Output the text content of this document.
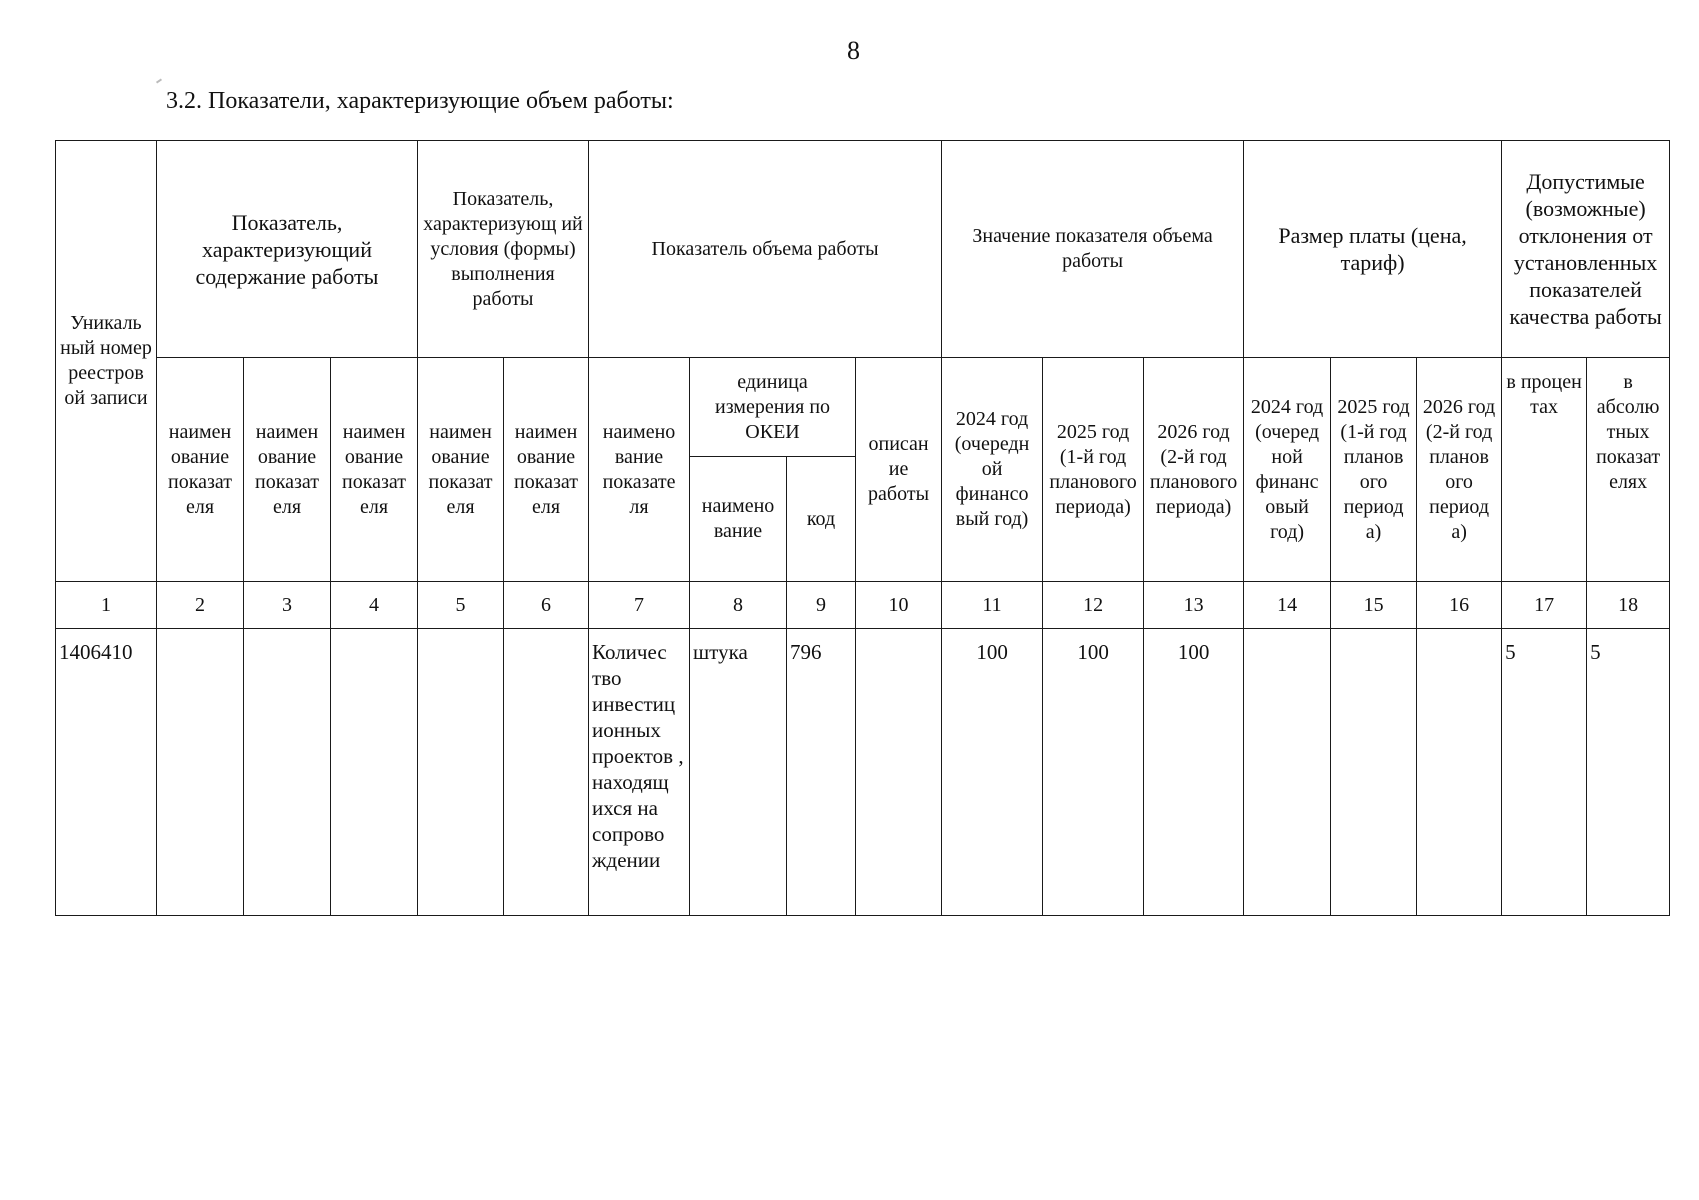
8
3.2. Показатели, характеризующие объем работы:
Уникаль ный номер реестров ой записи	Показатель, характеризующий содержание работы			Показатель, характеризующ ий условия (формы) выполнения работы		Показатель объема работы				Значение показателя объема работы			Размер платы (цена, тариф)			Допустимые (возможные) отклонения от установленных показателей качества работы	
	наимен ование показат еля	наимен ование показат еля	наимен ование показат еля	наимен ование показат еля	наимен ование показат еля	наимено вание показате ля	единица измерения по ОКЕИ		описан ие работы	2024 год (очередн ой финансо вый год)	2025 год (1-й год планового периода)	2026 год (2-й год планового периода)	2024 год (очеред ной финанс овый год)	2025 год (1-й год планов ого период а)	2026 год (2-й год планов ого период а)	в процен тах	в абсолю тных показат елях
							наимено вание	код									
1	2	3	4	5	6	7	8	9	10	11	12	13	14	15	16	17	18
1406410						Количес тво инвестиц ионных проектов , находящ ихся на сопрово ждении	штука	796		100	100	100				5	5
